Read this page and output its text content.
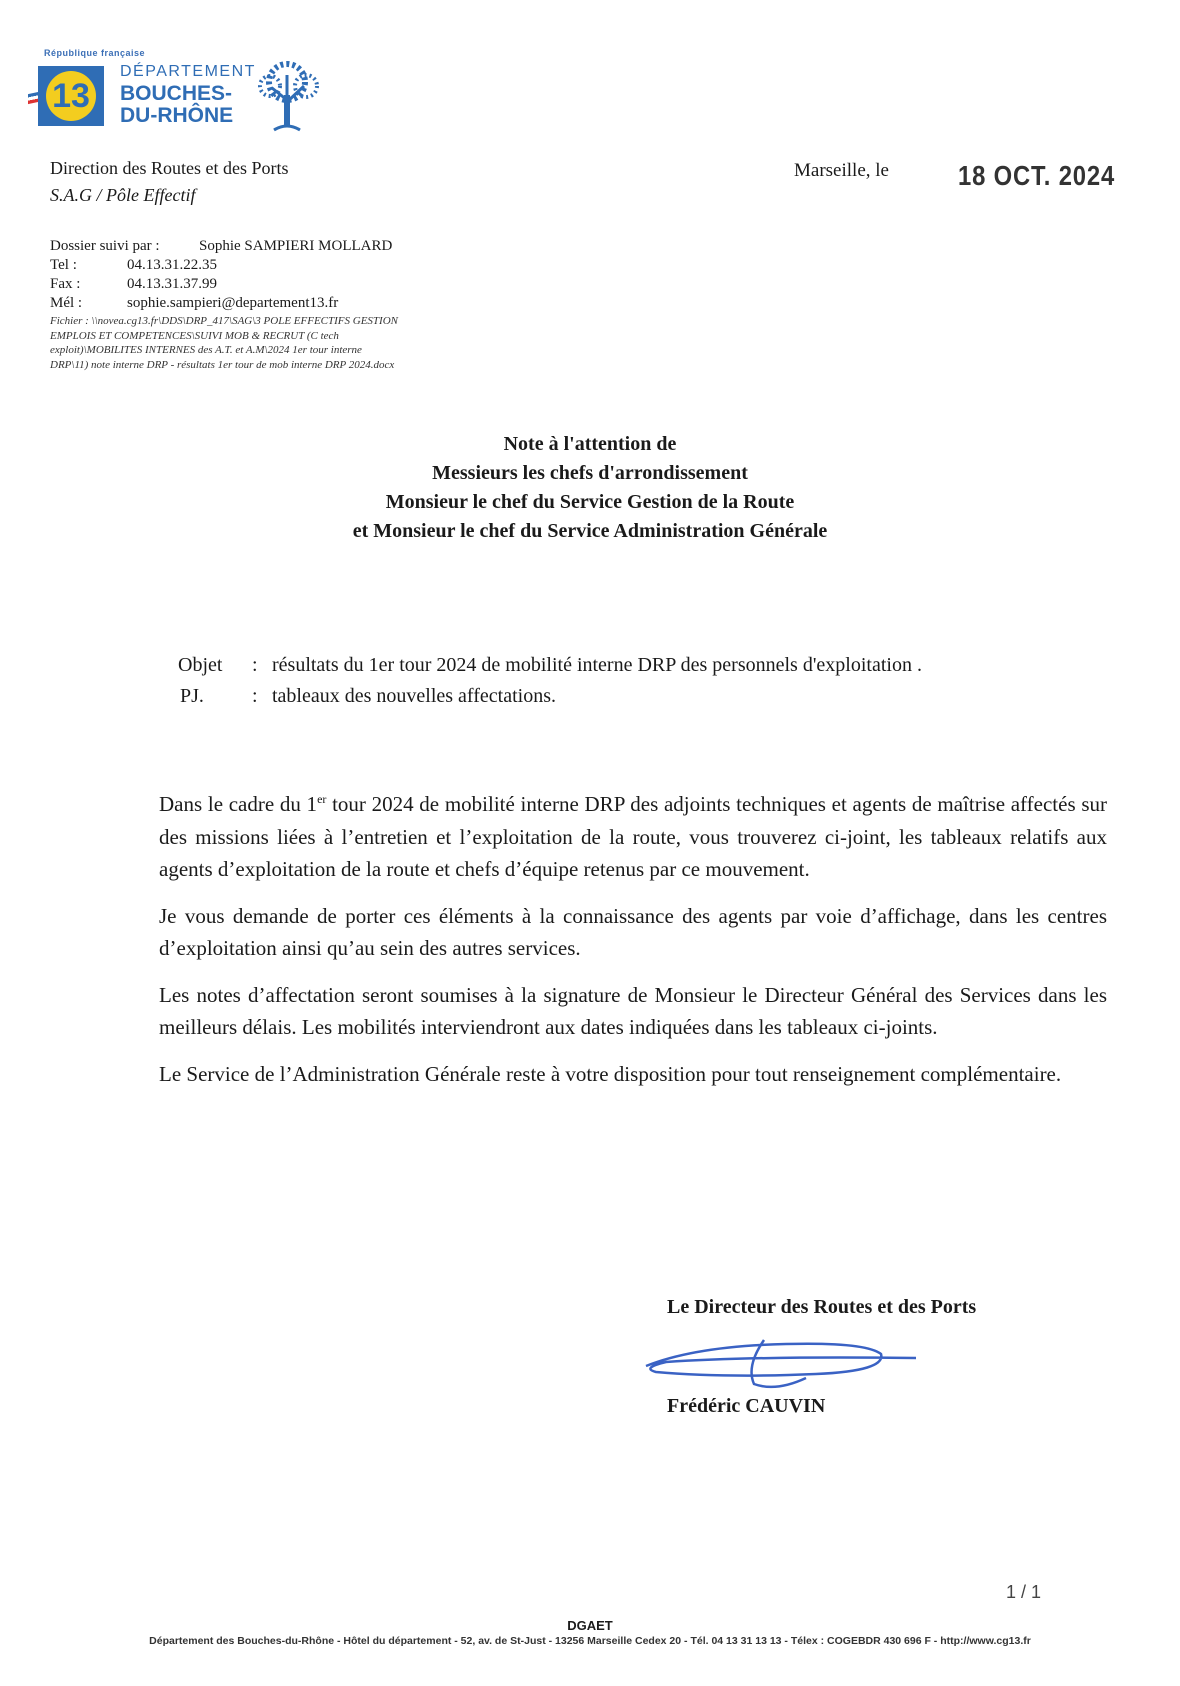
République française
13
DÉPARTEMENT
BOUCHES-
DU-RHÔNE
Direction des Routes et des Ports
S.A.G / Pôle Effectif
Marseille, le 18 OCT. 2024
Dossier suivi par :	Sophie SAMPIERI MOLLARD
Tel :	04.13.31.22.35
Fax :	04.13.31.37.99
Mél :	sophie.sampieri@departement13.fr
Fichier : \\novea.cg13.fr\DDS\DRP_417\SAG\3 POLE EFFECTIFS GESTION
EMPLOIS ET COMPETENCES\SUIVI MOB & RECRUT (C tech
exploit)\MOBILITES INTERNES des A.T. et A.M\2024 1er tour interne
DRP\11) note interne DRP - résultats 1er tour de mob interne DRP 2024.docx
Note à l'attention de
Messieurs les chefs d'arrondissement
Monsieur le chef du Service Gestion de la Route
et Monsieur le chef du Service Administration Générale
Objet : résultats du 1er tour 2024 de mobilité interne DRP des personnels d'exploitation .
PJ. : tableaux des nouvelles affectations.

Dans le cadre du 1er tour 2024 de mobilité interne DRP des adjoints techniques et agents de maîtrise affectés sur des missions liées à l’entretien et l’exploitation de la route, vous trouverez ci-joint, les tableaux relatifs aux agents d’exploitation de la route et chefs d’équipe retenus par ce mouvement.

Je vous demande de porter ces éléments à la connaissance des agents par voie d’affichage, dans les centres d’exploitation ainsi qu’au sein des autres services.

Les notes d’affectation seront soumises à la signature de Monsieur le Directeur Général des Services dans les meilleurs délais. Les mobilités interviendront aux dates indiquées dans les tableaux ci-joints.

Le Service de l’Administration Générale reste à votre disposition pour tout renseignement complémentaire.

Le Directeur des Routes et des Ports
Frédéric CAUVIN
1 / 1
DGAET
Département des Bouches-du-Rhône - Hôtel du département - 52, av. de St-Just - 13256 Marseille Cedex 20 - Tél. 04 13 31 13 13 - Télex : COGEBDR 430 696 F - http://www.cg13.fr
